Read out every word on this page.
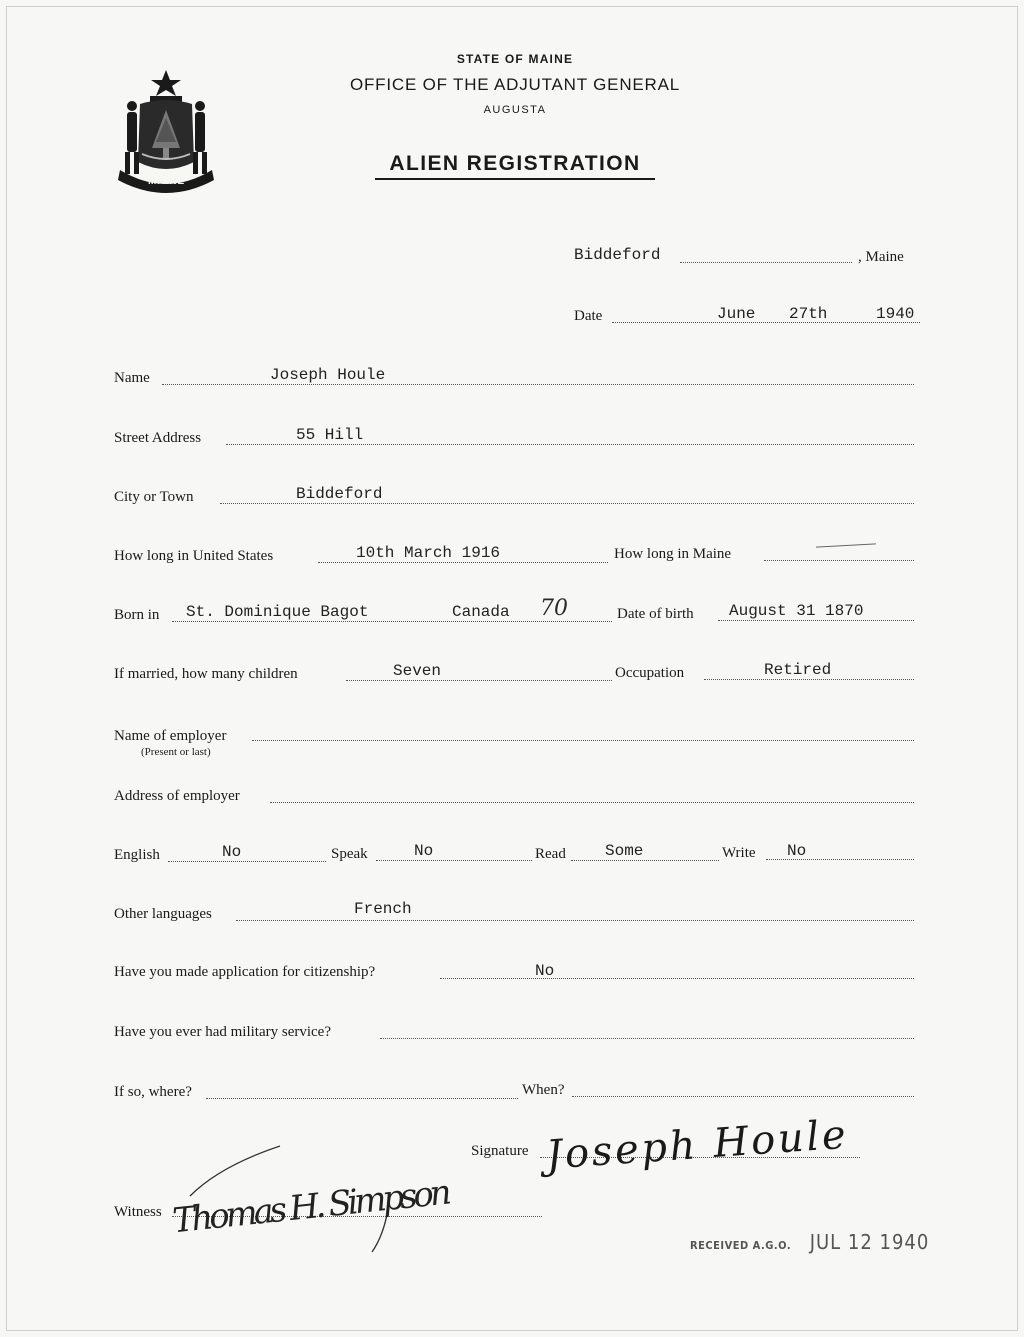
MAINE
STATE OF MAINE
OFFICE OF THE ADJUTANT GENERAL
AUGUSTA
ALIEN REGISTRATION
Biddeford	, Maine
Date	June 27th	1940
Name	Joseph Houle
Street Address	55 Hill
City or Town	Biddeford
How long in United States	10th March 1916	How long in Maine
Born in St. Dominique Bagot	Canada 70	Date of birth August 31 1870
If married, how many children	Seven	Occupation	Retired
Name of employer
(Present or last)
Address of employer
English	No	Speak	No	Read Some	Write No
Other languages	French
Have you made application for citizenship?	No
Have you ever had military service?
If so, where?	When?
Signature Joseph Houle
Witness Thomas H. Simpson
RECEIVED A.G.O. JUL 12 1940
